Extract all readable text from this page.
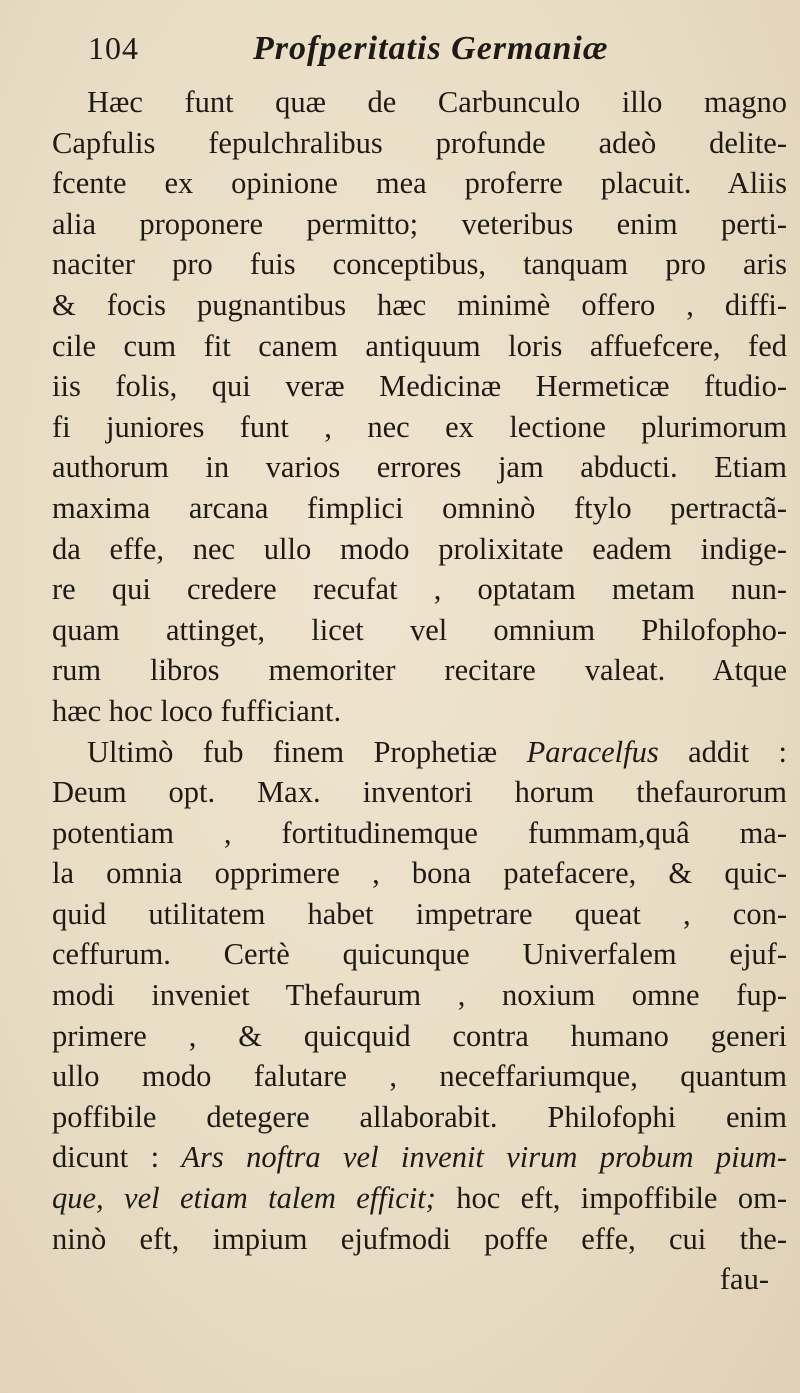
104	Profperitatis Germaniæ
Hæc funt quæ de Carbunculo illo magno
Capfulis fepulchralibus profunde adeò delite-
fcente ex opinione mea proferre placuit. Aliis
alia proponere permitto; veteribus enim perti-
naciter pro fuis conceptibus, tanquam pro aris
& focis pugnantibus hæc minimè offero , diffi-
cile cum fit canem antiquum loris affuefcere, fed
iis folis, qui veræ Medicinæ Hermeticæ ftudio-
fi juniores funt , nec ex lectione plurimorum
authorum in varios errores jam abducti. Etiam
maxima arcana fimplici omninò ftylo pertractã-
da effe, nec ullo modo prolixitate eadem indige-
re qui credere recufat , optatam metam nun-
quam attinget, licet vel omnium Philofopho-
rum libros memoriter recitare valeat. Atque
hæc hoc loco fufficiant.
Ultimò fub finem Prophetiæ Paracelfus addit :
Deum opt. Max. inventori horum thefaurorum
potentiam , fortitudinemque fummam,quâ ma-
la omnia opprimere , bona patefacere, & quic-
quid utilitatem habet impetrare queat , con-
ceffurum. Certè quicunque Univerfalem ejuf-
modi inveniet Thefaurum , noxium omne fup-
primere , & quicquid contra humano generi
ullo modo falutare , neceffariumque, quantum
poffibile detegere allaborabit. Philofophi enim
dicunt : Ars noftra vel invenit virum probum pium-
que, vel etiam talem efficit; hoc eft, impoffibile om-
ninò eft, impium ejufmodi poffe effe, cui the-
fau-
